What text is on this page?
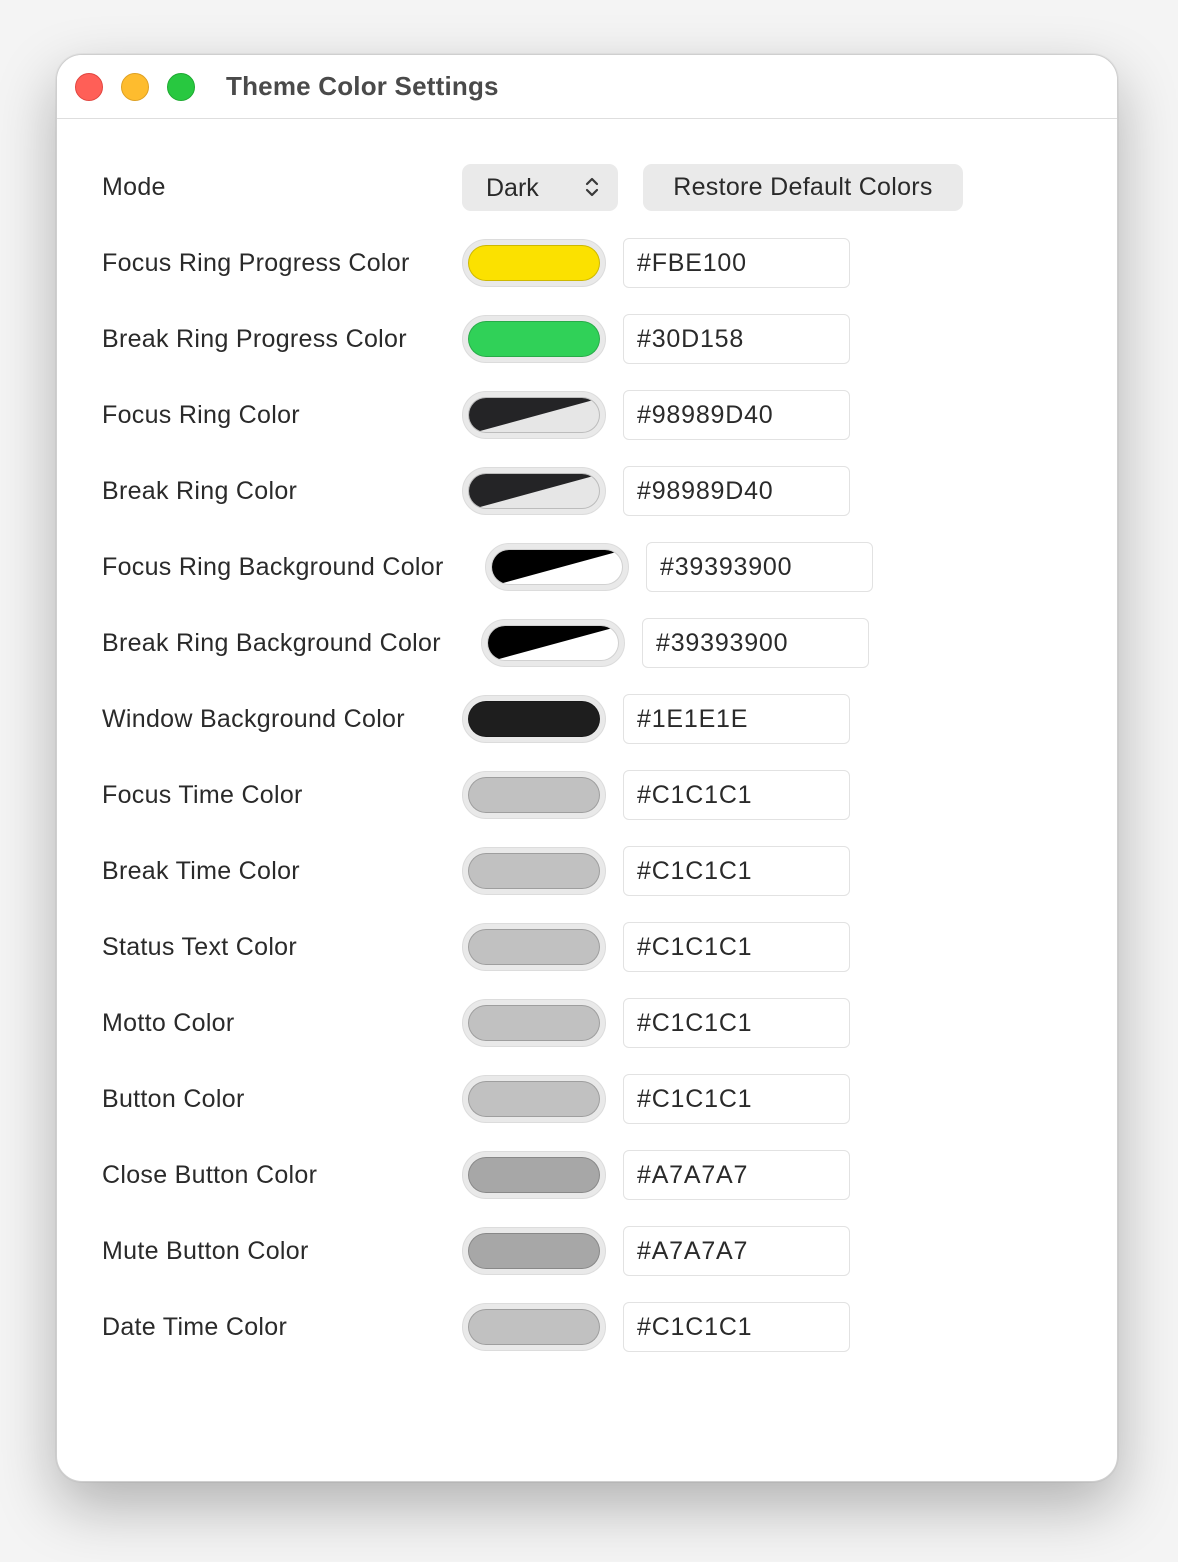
Theme Color Settings
Mode	Dark	Restore Default Colors
Focus Ring Progress Color
#FBE100
Break Ring Progress Color
#30D158
Focus Ring Color
#98989D40
Break Ring Color
#98989D40
Focus Ring Background Color
#39393900
Break Ring Background Color
#39393900
Window Background Color
#1E1E1E
Focus Time Color
#C1C1C1
Break Time Color
#C1C1C1
Status Text Color
#C1C1C1
Motto Color
#C1C1C1
Button Color
#C1C1C1
Close Button Color
#A7A7A7
Mute Button Color
#A7A7A7
Date Time Color
#C1C1C1
